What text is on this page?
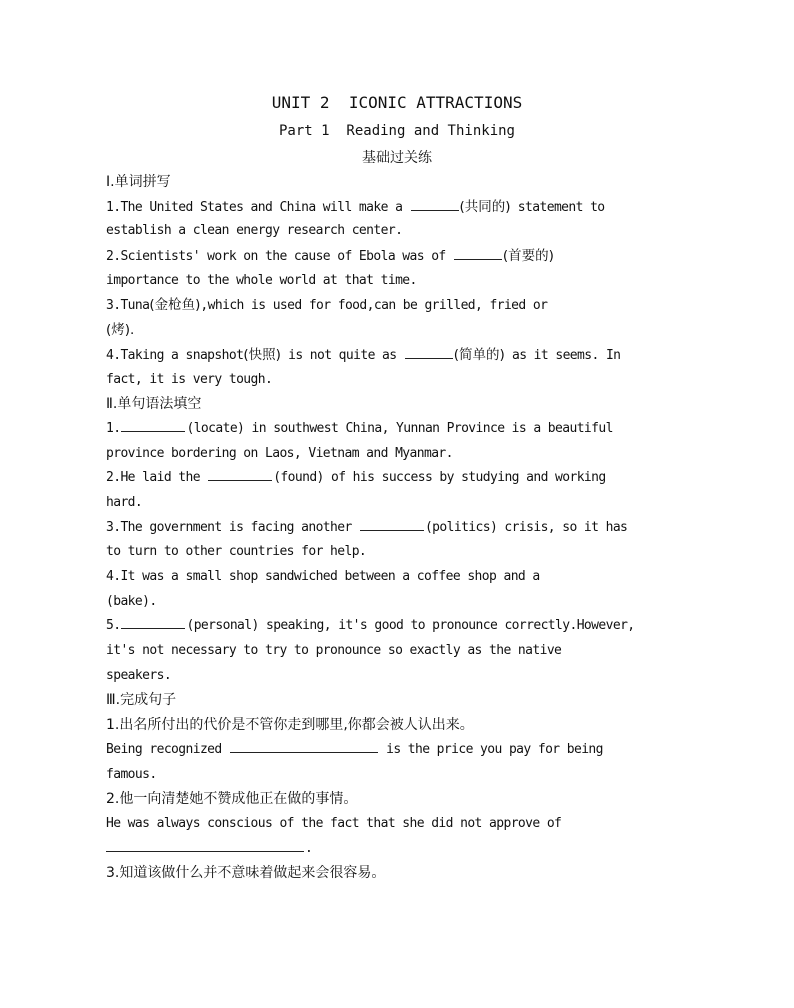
UNIT 2  ICONIC ATTRACTIONS
Part 1  Reading and Thinking
基础过关练
Ⅰ.单词拼写
1.The United States and China will make a	(共同的) statement to
establish a clean energy research center.
2.Scientists' work on the cause of Ebola was of	(首要的)
importance to the whole world at that time.
3.Tuna(金枪鱼),which is used for food,can be grilled, fried or
(烤).
4.Taking a snapshot(快照) is not quite as	(简单的) as it seems. In
fact, it is very tough.
Ⅱ.单句语法填空
1.	(locate) in southwest China, Yunnan Province is a beautiful
province bordering on Laos, Vietnam and Myanmar.
2.He laid the	(found) of his success by studying and working
hard.
3.The government is facing another	(politics) crisis, so it has
to turn to other countries for help.
4.It was a small shop sandwiched between a coffee shop and a
(bake).
5.	(personal) speaking, it's good to pronounce correctly.However,
it's not necessary to try to pronounce so exactly as the native
speakers.
Ⅲ.完成句子
1.出名所付出的代价是不管你走到哪里,你都会被人认出来。
Being recognized	is the price you pay for being
famous.
2.他一向清楚她不赞成他正在做的事情。
He was always conscious of the fact that she did not approve of
.
3.知道该做什么并不意味着做起来会很容易。
